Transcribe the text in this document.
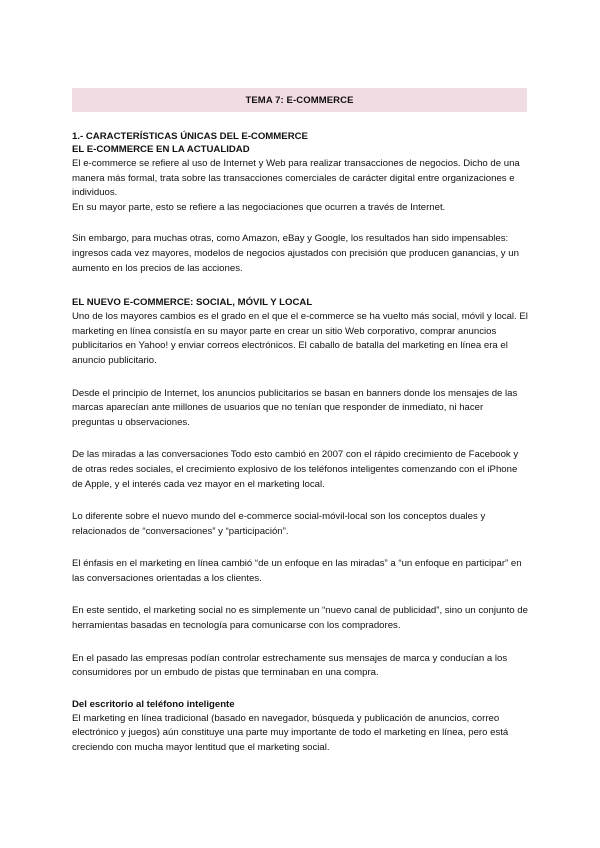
TEMA 7: E-COMMERCE

1.- CARACTERÍSTICAS ÚNICAS DEL E-COMMERCE

EL E-COMMERCE EN LA ACTUALIDAD

El e-commerce se refiere al uso de Internet y Web para realizar transacciones de negocios. Dicho de una manera más formal, trata sobre las transacciones comerciales de carácter digital entre organizaciones e individuos.

En su mayor parte, esto se refiere a las negociaciones que ocurren a través de Internet.

Sin embargo, para muchas otras, como Amazon, eBay y Google, los resultados han sido impensables: ingresos cada vez mayores, modelos de negocios ajustados con precisión que producen ganancias, y un aumento en los precios de las acciones.

EL NUEVO E-COMMERCE: SOCIAL, MÓVIL Y LOCAL

Uno de los mayores cambios es el grado en el que el e-commerce se ha vuelto más social, móvil y local. El marketing en línea consistía en su mayor parte en crear un sitio Web corporativo, comprar anuncios publicitarios en Yahoo! y enviar correos electrónicos. El caballo de batalla del marketing en línea era el anuncio publicitario.

Desde el principio de Internet, los anuncios publicitarios se basan en banners donde los mensajes de las marcas aparecían ante millones de usuarios que no tenían que responder de inmediato, ni hacer preguntas u observaciones.

De las miradas a las conversaciones Todo esto cambió en 2007 con el rápido crecimiento de Facebook y de otras redes sociales, el crecimiento explosivo de los teléfonos inteligentes comenzando con el iPhone de Apple, y el interés cada vez mayor en el marketing local.

Lo diferente sobre el nuevo mundo del e-commerce social-móvil-local son los conceptos duales y relacionados de “conversaciones” y “participación”.

El énfasis en el marketing en línea cambió “de un enfoque en las miradas” a “un enfoque en participar” en las conversaciones orientadas a los clientes.

En este sentido, el marketing social no es simplemente un “nuevo canal de publicidad”, sino un conjunto de herramientas basadas en tecnología para comunicarse con los compradores.

En el pasado las empresas podían controlar estrechamente sus mensajes de marca y conducían a los consumidores por un embudo de pistas que terminaban en una compra.

Del escritorio al teléfono inteligente

El marketing en línea tradicional (basado en navegador, búsqueda y publicación de anuncios, correo electrónico y juegos) aún constituye una parte muy importante de todo el marketing en línea, pero está creciendo con mucha mayor lentitud que el marketing social.
